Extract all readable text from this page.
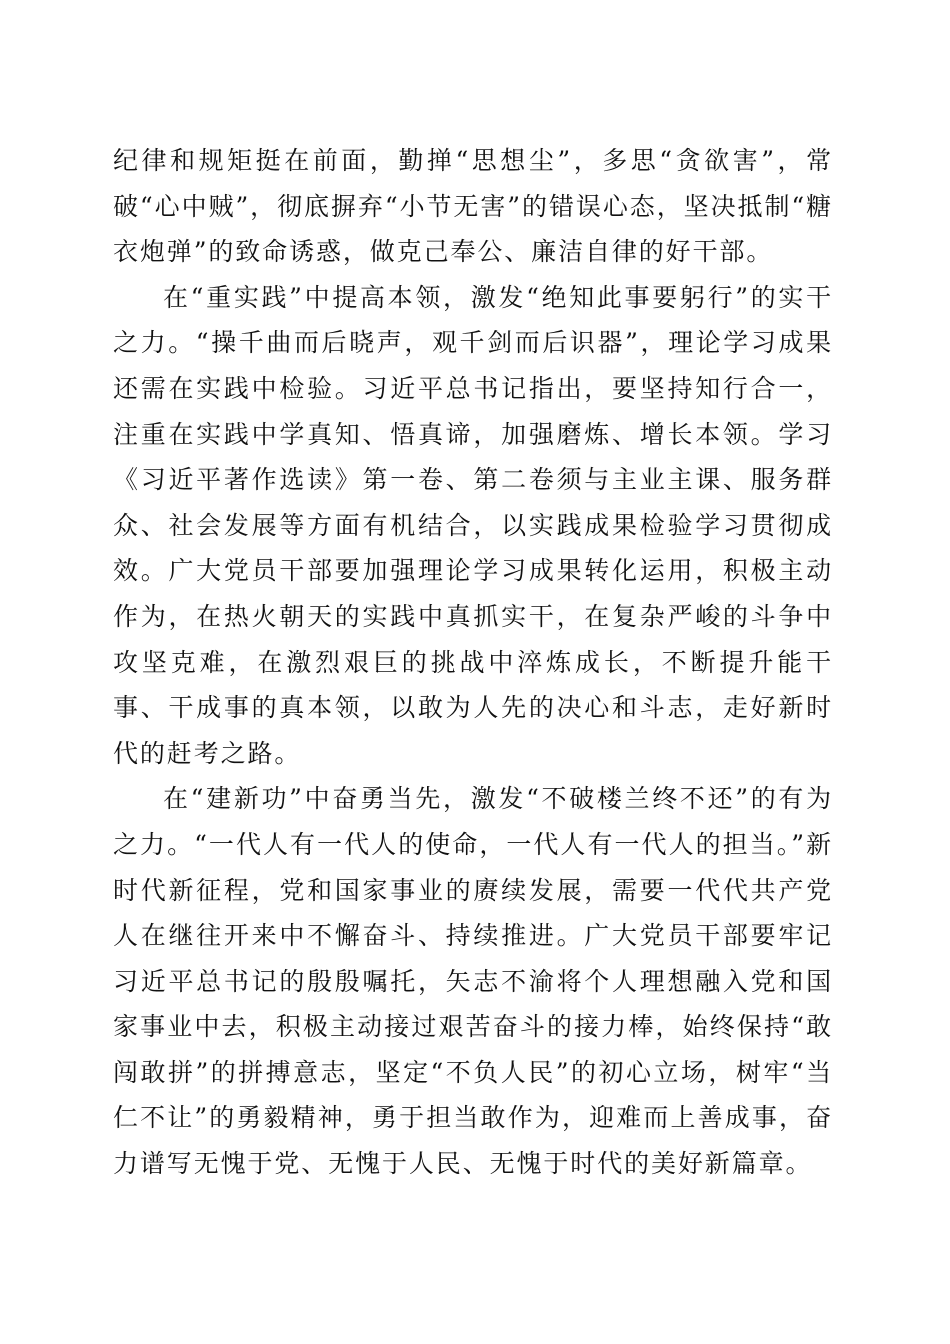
纪律和规矩挺在前面，勤掸“思想尘”，多思“贪欲害”，常破“心中贼”，彻底摒弃“小节无害”的错误心态，坚决抵制“糖衣炮弹”的致命诱惑，做克己奉公、廉洁自律的好干部。

在“重实践”中提高本领，激发“绝知此事要躬行”的实干之力。“操千曲而后晓声，观千剑而后识器”，理论学习成果还需在实践中检验。习近平总书记指出，要坚持知行合一，注重在实践中学真知、悟真谛，加强磨炼、增长本领。学习《习近平著作选读》第一卷、第二卷须与主业主课、服务群众、社会发展等方面有机结合，以实践成果检验学习贯彻成效。广大党员干部要加强理论学习成果转化运用，积极主动作为，在热火朝天的实践中真抓实干，在复杂严峻的斗争中攻坚克难，在激烈艰巨的挑战中淬炼成长，不断提升能干事、干成事的真本领，以敢为人先的决心和斗志，走好新时代的赶考之路。

在“建新功”中奋勇当先，激发“不破楼兰终不还”的有为之力。“一代人有一代人的使命，一代人有一代人的担当。”新时代新征程，党和国家事业的赓续发展，需要一代代共产党人在继往开来中不懈奋斗、持续推进。广大党员干部要牢记习近平总书记的殷殷嘱托，矢志不渝将个人理想融入党和国家事业中去，积极主动接过艰苦奋斗的接力棒，始终保持“敢闯敢拼”的拼搏意志，坚定“不负人民”的初心立场，树牢“当仁不让”的勇毅精神，勇于担当敢作为，迎难而上善成事，奋力谱写无愧于党、无愧于人民、无愧于时代的美好新篇章。
